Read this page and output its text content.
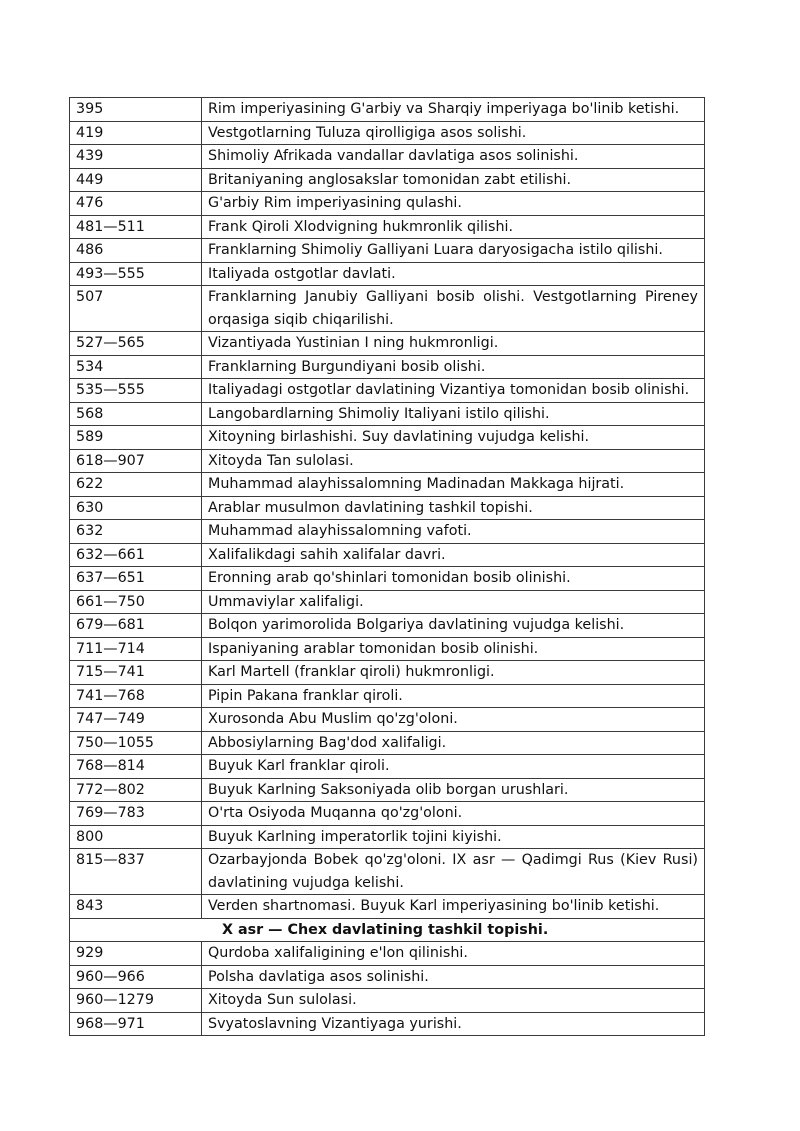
395	Rim imperiyasining G'arbiy va Sharqiy imperiyaga bo'linib ketishi.
419	Vestgotlarning Tuluza qirolligiga asos solishi.
439	Shimoliy Afrikada vandallar davlatiga asos solinishi.
449	Britaniyaning anglosakslar tomonidan zabt etilishi.
476	G'arbiy Rim imperiyasining qulashi.
481—511	Frank Qiroli Xlodvigning hukmronlik qilishi.
486	Franklarning Shimoliy Galliyani Luara daryosigacha istilo qilishi.
493—555	Italiyada ostgotlar davlati.
507	Franklarning Janubiy Galliyani bosib olishi. Vestgotlarning Pireney orqasiga siqib chiqarilishi.
527—565	Vizantiyada Yustinian I ning hukmronligi.
534	Franklarning Burgundiyani bosib olishi.
535—555	Italiyadagi ostgotlar davlatining Vizantiya tomonidan bosib olinishi.
568	Langobardlarning Shimoliy Italiyani istilo qilishi.
589	Xitoyning birlashishi. Suy davlatining vujudga kelishi.
618—907	Xitoyda Tan sulolasi.
622	Muhammad alayhissalomning Madinadan Makkaga hijrati.
630	Arablar musulmon davlatining tashkil topishi.
632	Muhammad alayhissalomning vafoti.
632—661	Xalifalikdagi sahih xalifalar davri.
637—651	Eronning arab qo'shinlari tomonidan bosib olinishi.
661—750	Ummaviylar xalifaligi.
679—681	Bolqon yarimorolida Bolgariya davlatining vujudga kelishi.
711—714	Ispaniyaning arablar tomonidan bosib olinishi.
715—741	Karl Martell (franklar qiroli) hukmronligi.
741—768	Pipin Pakana franklar qiroli.
747—749	Xurosonda Abu Muslim qo'zg'oloni.
750—1055	Abbosiylarning Bag'dod xalifaligi.
768—814	Buyuk Karl franklar qiroli.
772—802	Buyuk Karlning Saksoniyada olib borgan urushlari.
769—783	O'rta Osiyoda Muqanna qo'zg'oloni.
800	Buyuk Karlning imperatorlik tojini kiyishi.
815—837	Ozarbayjonda Bobek qo'zg'oloni. IX asr — Qadimgi Rus (Kiev Rusi) davlatining vujudga kelishi.
843	Verden shartnomasi. Buyuk Karl imperiyasining bo'linib ketishi.
X asr — Chex davlatining tashkil topishi.	
929	Qurdoba xalifaligining e'lon qilinishi.
960—966	Polsha davlatiga asos solinishi.
960—1279	Xitoyda Sun sulolasi.
968—971	Svyatoslavning Vizantiyaga yurishi.
